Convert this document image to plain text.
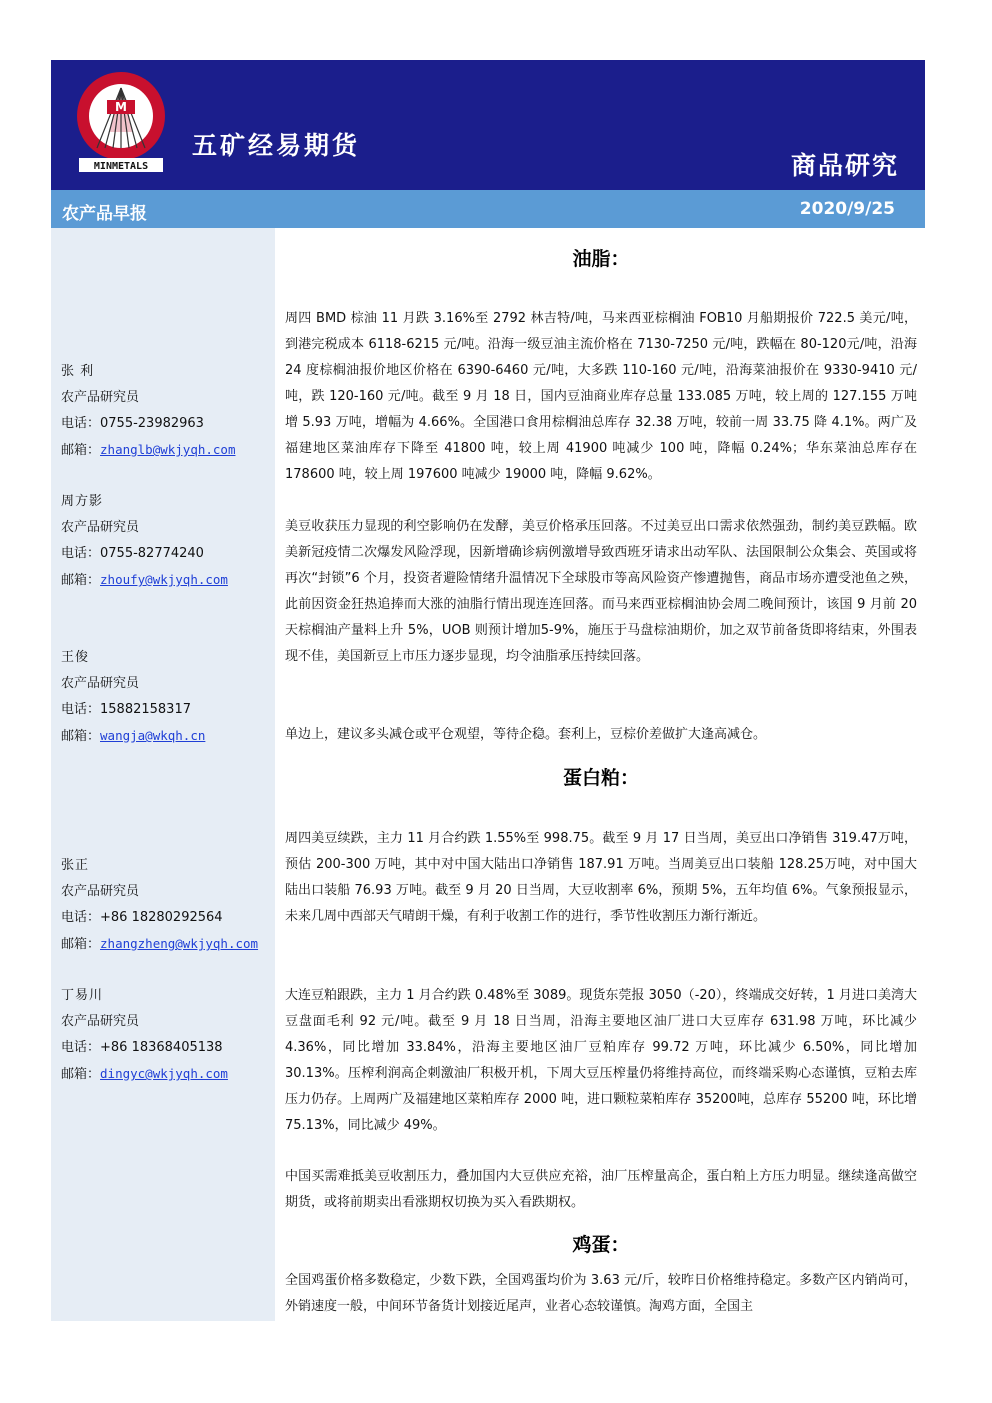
M
MINMETALS
五矿经易期货
商品研究
农产品早报	2020/9/25
张 利
农产品研究员
电话：0755-23982963
邮箱：zhanglb@wkjyqh.com
周方影
农产品研究员
电话：0755-82774240
邮箱：zhoufy@wkjyqh.com
王俊
农产品研究员
电话：15882158317
邮箱：wangja@wkqh.cn
张正
农产品研究员
电话：+86 18280292564
邮箱：zhangzheng@wkjyqh.com
丁易川
农产品研究员
电话：+86 18368405138
邮箱：dingyc@wkjyqh.com
油脂：
周四 BMD 棕油 11 月跌 3.16%至 2792 林吉特/吨，马来西亚棕榈油 FOB10 月船期报价 722.5 美元/吨，到港完税成本 6118-6215 元/吨。沿海一级豆油主流价格在 7130-7250 元/吨，跌幅在 80-120元/吨，沿海 24 度棕榈油报价地区价格在 6390-6460 元/吨，大多跌 110-160 元/吨，沿海菜油报价在 9330-9410 元/吨，跌 120-160 元/吨。截至 9 月 18 日，国内豆油商业库存总量 133.085 万吨，较上周的 127.155 万吨增 5.93 万吨，增幅为 4.66%。全国港口食用棕榈油总库存 32.38 万吨，较前一周 33.75 降 4.1%。两广及福建地区菜油库存下降至 41800 吨，较上周 41900 吨减少 100 吨，降幅 0.24%；华东菜油总库存在 178600 吨，较上周 197600 吨减少 19000 吨，降幅 9.62%。
美豆收获压力显现的利空影响仍在发酵，美豆价格承压回落。不过美豆出口需求依然强劲，制约美豆跌幅。欧美新冠疫情二次爆发风险浮现，因新增确诊病例激增导致西班牙请求出动军队、法国限制公众集会、英国或将再次“封锁”6 个月，投资者避险情绪升温情况下全球股市等高风险资产惨遭抛售，商品市场亦遭受池鱼之殃，此前因资金狂热追捧而大涨的油脂行情出现连连回落。而马来西亚棕榈油协会周二晚间预计，该国 9 月前 20 天棕榈油产量料上升 5%，UOB 则预计增加5-9%，施压于马盘棕油期价，加之双节前备货即将结束，外围表现不佳，美国新豆上市压力逐步显现，均令油脂承压持续回落。
单边上，建议多头减仓或平仓观望，等待企稳。套利上，豆棕价差做扩大逢高减仓。
蛋白粕：
周四美豆续跌，主力 11 月合约跌 1.55%至 998.75。截至 9 月 17 日当周，美豆出口净销售 319.47万吨，预估 200-300 万吨，其中对中国大陆出口净销售 187.91 万吨。当周美豆出口装船 128.25万吨，对中国大陆出口装船 76.93 万吨。截至 9 月 20 日当周，大豆收割率 6%，预期 5%，五年均值 6%。气象预报显示，未来几周中西部天气晴朗干燥，有利于收割工作的进行，季节性收割压力渐行渐近。
大连豆粕跟跌，主力 1 月合约跌 0.48%至 3089。现货东莞报 3050（-20），终端成交好转，1 月进口美湾大豆盘面毛利 92 元/吨。截至 9 月 18 日当周，沿海主要地区油厂进口大豆库存 631.98 万吨，环比减少 4.36%，同比增加 33.84%，沿海主要地区油厂豆粕库存 99.72 万吨，环比减少 6.50%，同比增加 30.13%。压榨利润高企刺激油厂积极开机，下周大豆压榨量仍将维持高位，而终端采购心态谨慎，豆粕去库压力仍存。上周两广及福建地区菜粕库存 2000 吨，进口颗粒菜粕库存 35200吨，总库存 55200 吨，环比增 75.13%，同比减少 49%。
中国买需难抵美豆收割压力，叠加国内大豆供应充裕，油厂压榨量高企，蛋白粕上方压力明显。继续逢高做空期货，或将前期卖出看涨期权切换为买入看跌期权。
鸡蛋：
全国鸡蛋价格多数稳定，少数下跌，全国鸡蛋均价为 3.63 元/斤，较昨日价格维持稳定。多数产区内销尚可，外销速度一般，中间环节备货计划接近尾声，业者心态较谨慎。淘鸡方面，全国主
